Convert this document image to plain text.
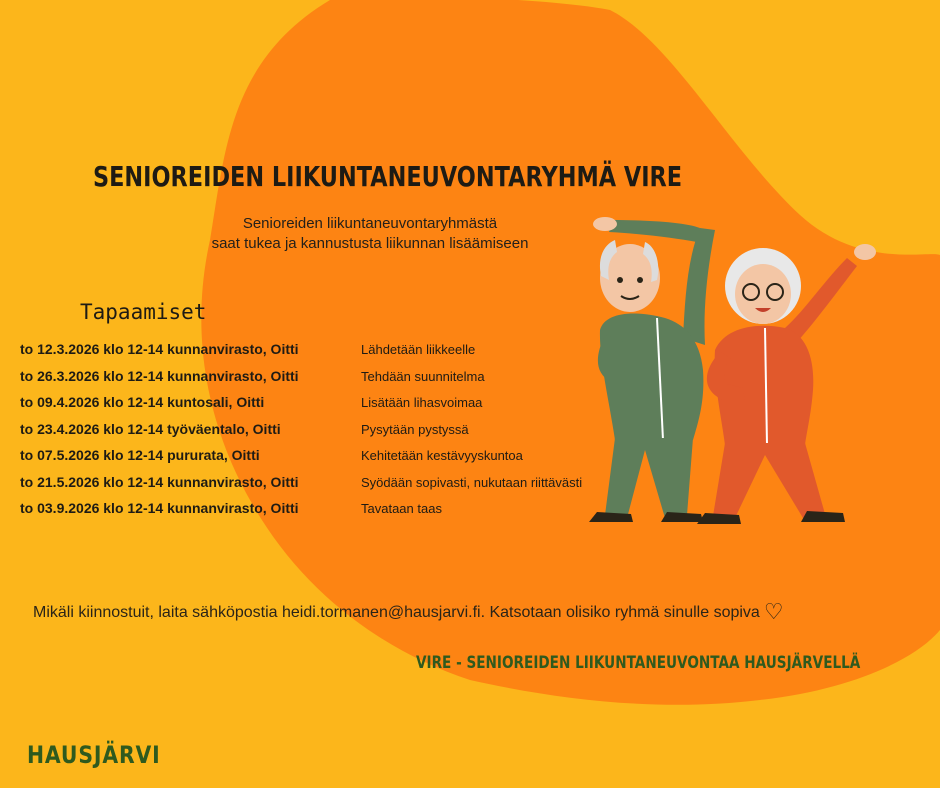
SENIOREIDEN LIIKUNTANEUVONTARYHMÄ VIRE
Senioreiden liikuntaneuvontaryhmästä
saat tukea ja kannustusta liikunnan lisäämiseen
Tapaamiset
to 12.3.2026 klo 12-14 kunnanvirasto, Oitti	Lähdetään liikkeelle
to 26.3.2026 klo 12-14 kunnanvirasto, Oitti	Tehdään suunnitelma
to 09.4.2026 klo 12-14 kuntosali, Oitti	Lisätään lihasvoimaa
to 23.4.2026 klo 12-14 työväentalo, Oitti	Pysytään pystyssä
to 07.5.2026 klo 12-14 pururata, Oitti	Kehitetään kestävyyskuntoa
to 21.5.2026 klo 12-14 kunnanvirasto, Oitti	Syödään sopivasti, nukutaan riittävästi
to 03.9.2026 klo 12-14 kunnanvirasto, Oitti	Tavataan taas
Mikäli kiinnostuit, laita sähköpostia heidi.tormanen@hausjarvi.fi. Katsotaan olisiko ryhmä sinulle sopiva ♡
VIRE - SENIOREIDEN LIIKUNTANEUVONTAA HAUSJÄRVELLÄ
HAUSJÄRVI
